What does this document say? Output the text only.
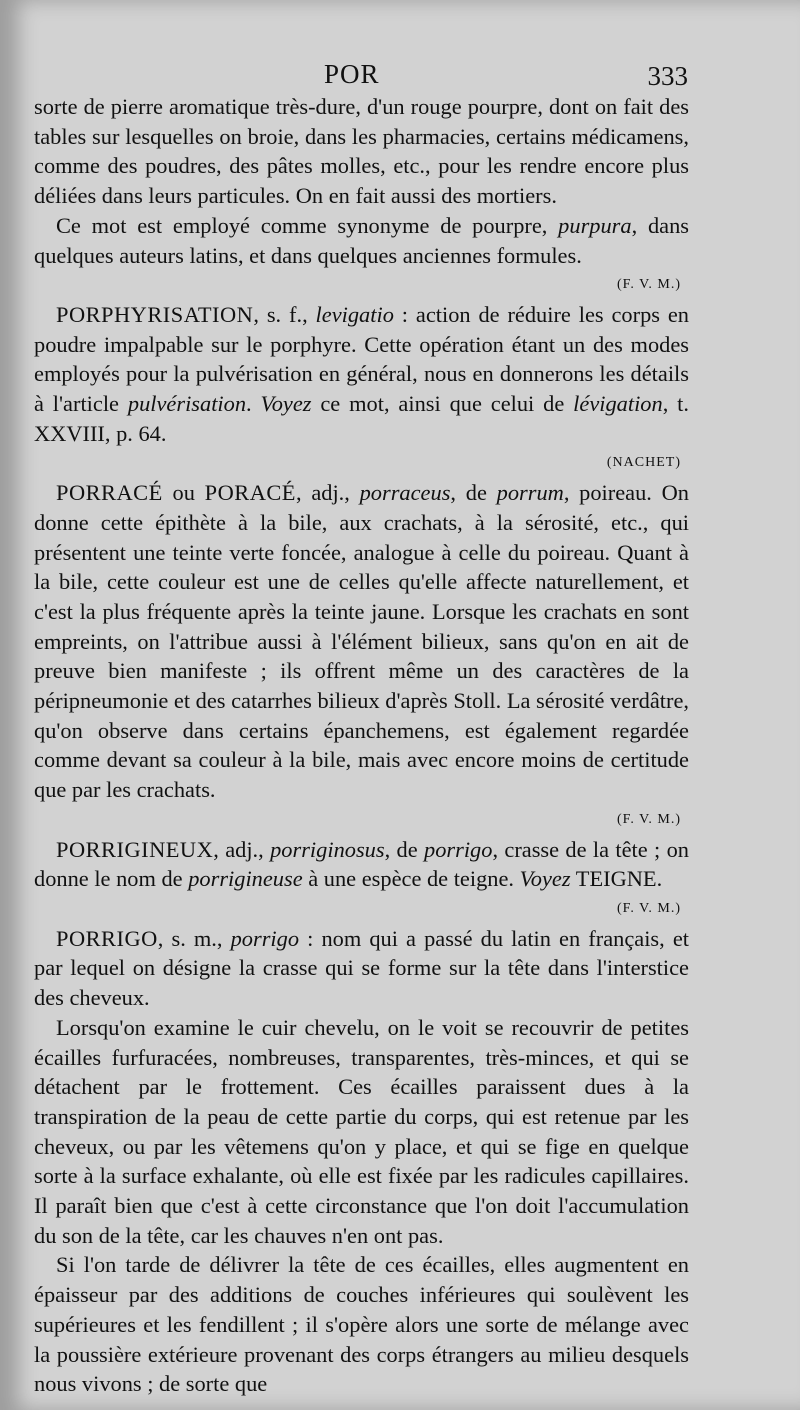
POR	333

sorte de pierre aromatique très-dure, d'un rouge pourpre, dont on fait des tables sur lesquelles on broie, dans les pharmacies, certains médicamens, comme des poudres, des pâtes molles, etc., pour les rendre encore plus déliées dans leurs particules. On en fait aussi des mortiers.

Ce mot est employé comme synonyme de pourpre, purpura, dans quelques auteurs latins, et dans quelques anciennes formules.

(F. V. M.)

PORPHYRISATION, s. f., levigatio : action de réduire les corps en poudre impalpable sur le porphyre. Cette opération étant un des modes employés pour la pulvérisation en général, nous en donnerons les détails à l'article pulvérisation. Voyez ce mot, ainsi que celui de lévigation, t. XXVIII, p. 64.

(NACHET)

PORRACÉ ou PORACÉ, adj., porraceus, de porrum, poireau. On donne cette épithète à la bile, aux crachats, à la sérosité, etc., qui présentent une teinte verte foncée, analogue à celle du poireau. Quant à la bile, cette couleur est une de celles qu'elle affecte naturellement, et c'est la plus fréquente après la teinte jaune. Lorsque les crachats en sont empreints, on l'attribue aussi à l'élément bilieux, sans qu'on en ait de preuve bien manifeste ; ils offrent même un des caractères de la péripneumonie et des catarrhes bilieux d'après Stoll. La sérosité verdâtre, qu'on observe dans certains épanchemens, est également regardée comme devant sa couleur à la bile, mais avec encore moins de certitude que par les crachats.

(F. V. M.)

PORRIGINEUX, adj., porriginosus, de porrigo, crasse de la tête ; on donne le nom de porrigineuse à une espèce de teigne. Voyez TEIGNE.

(F. V. M.)

PORRIGO, s. m., porrigo : nom qui a passé du latin en français, et par lequel on désigne la crasse qui se forme sur la tête dans l'interstice des cheveux.

Lorsqu'on examine le cuir chevelu, on le voit se recouvrir de petites écailles furfuracées, nombreuses, transparentes, très-minces, et qui se détachent par le frottement. Ces écailles paraissent dues à la transpiration de la peau de cette partie du corps, qui est retenue par les cheveux, ou par les vêtemens qu'on y place, et qui se fige en quelque sorte à la surface exhalante, où elle est fixée par les radicules capillaires. Il paraît bien que c'est à cette circonstance que l'on doit l'accumulation du son de la tête, car les chauves n'en ont pas.

Si l'on tarde de délivrer la tête de ces écailles, elles augmentent en épaisseur par des additions de couches inférieures qui soulèvent les supérieures et les fendillent ; il s'opère alors une sorte de mélange avec la poussière extérieure provenant des corps étrangers au milieu desquels nous vivons ; de sorte que
